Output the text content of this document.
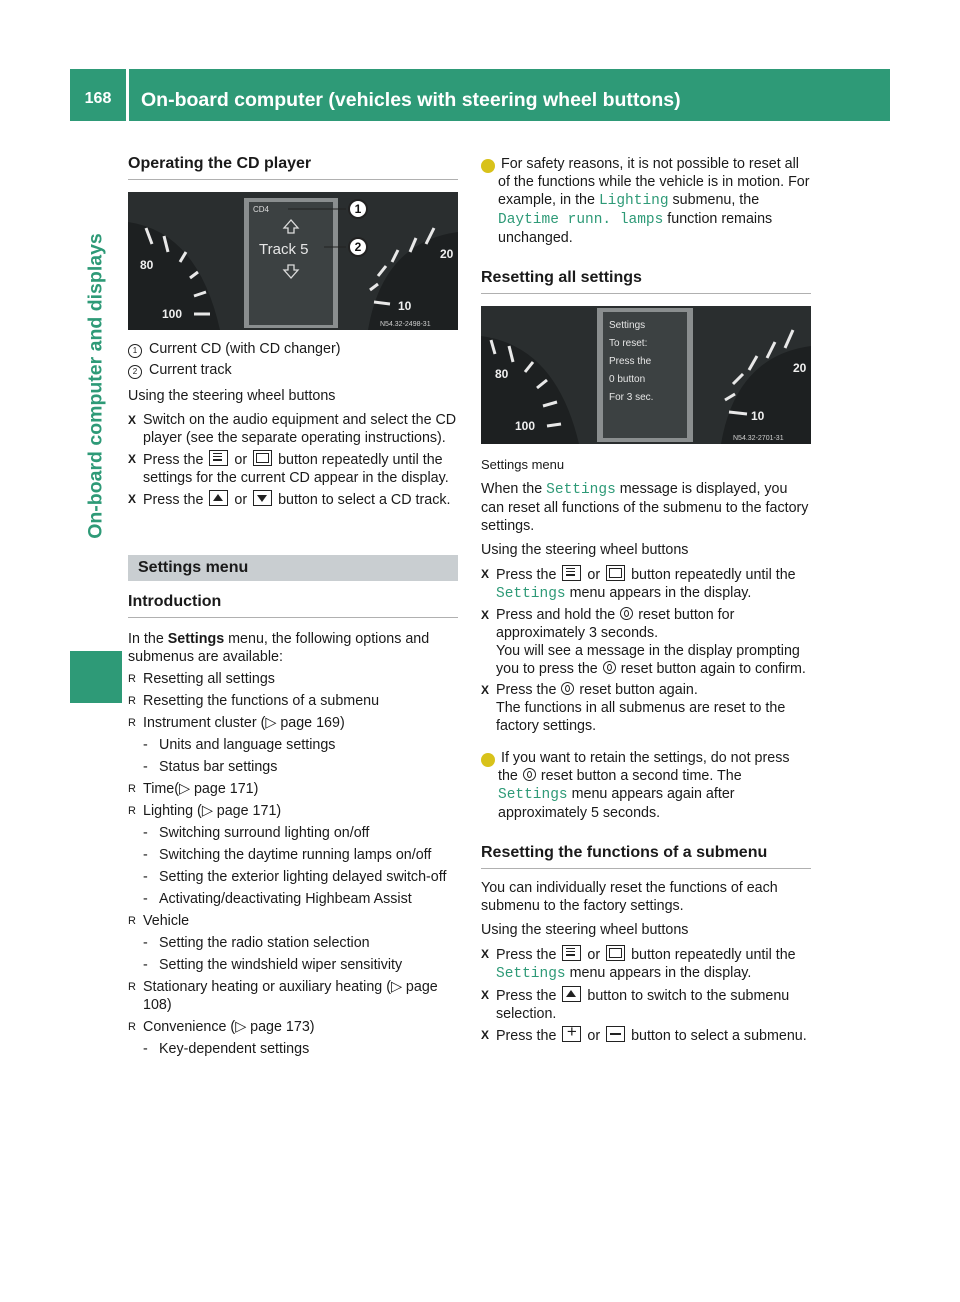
168	On-board computer (vehicles with steering wheel buttons)
On-board computer and displays
Operating the CD player
80
100
10
20
CD4
Track 5
N54.32-2498-31
1
2

1 Current CD (with CD changer)

2 Current track

Using the steering wheel buttons

X Switch on the audio equipment and select the CD player (see the separate operating instructions).

X Press the or button repeatedly until the settings for the current CD appear in the display.

X Press the or button to select a CD track.

Settings menu
Introduction

In the Settings menu, the following options and submenus are available:

R Resetting all settings

R Resetting the functions of a submenu

R Instrument cluster (▷ page 169)

- Units and language settings

- Status bar settings

R Time(▷ page 171)

R Lighting (▷ page 171)

- Switching surround lighting on/off

- Switching the daytime running lamps on/off

- Setting the exterior lighting delayed switch-off

- Activating/deactivating Highbeam Assist

R Vehicle

- Setting the radio station selection

- Setting the windshield wiper sensitivity

R Stationary heating or auxiliary heating (▷ page 108)

R Convenience (▷ page 173)

- Key-dependent settings

i For safety reasons, it is not possible to reset all of the functions while the vehicle is in motion. For example, in the Lighting submenu, the Daytime runn. lamps function remains unchanged.

Resetting all settings
80
100
10
20
Settings
To reset:
Press the
0 button
For 3 sec.
N54.32-2701-31

Settings menu

When the Settings message is displayed, you can reset all functions of the submenu to the factory settings.

Using the steering wheel buttons

X Press the or button repeatedly until the Settings menu appears in the display.

X Press and hold the reset button for approximately 3 seconds.
You will see a message in the display prompting you to press the reset button again to confirm.

X Press the reset button again.
The functions in all submenus are reset to the factory settings.

i If you want to retain the settings, do not press the reset button a second time. The Settings menu appears again after approximately 5 seconds.

Resetting the functions of a submenu

You can individually reset the functions of each submenu to the factory settings.

Using the steering wheel buttons

X Press the or button repeatedly until the Settings menu appears in the display.

X Press the button to switch to the submenu selection.

X Press the + or button to select a submenu.
